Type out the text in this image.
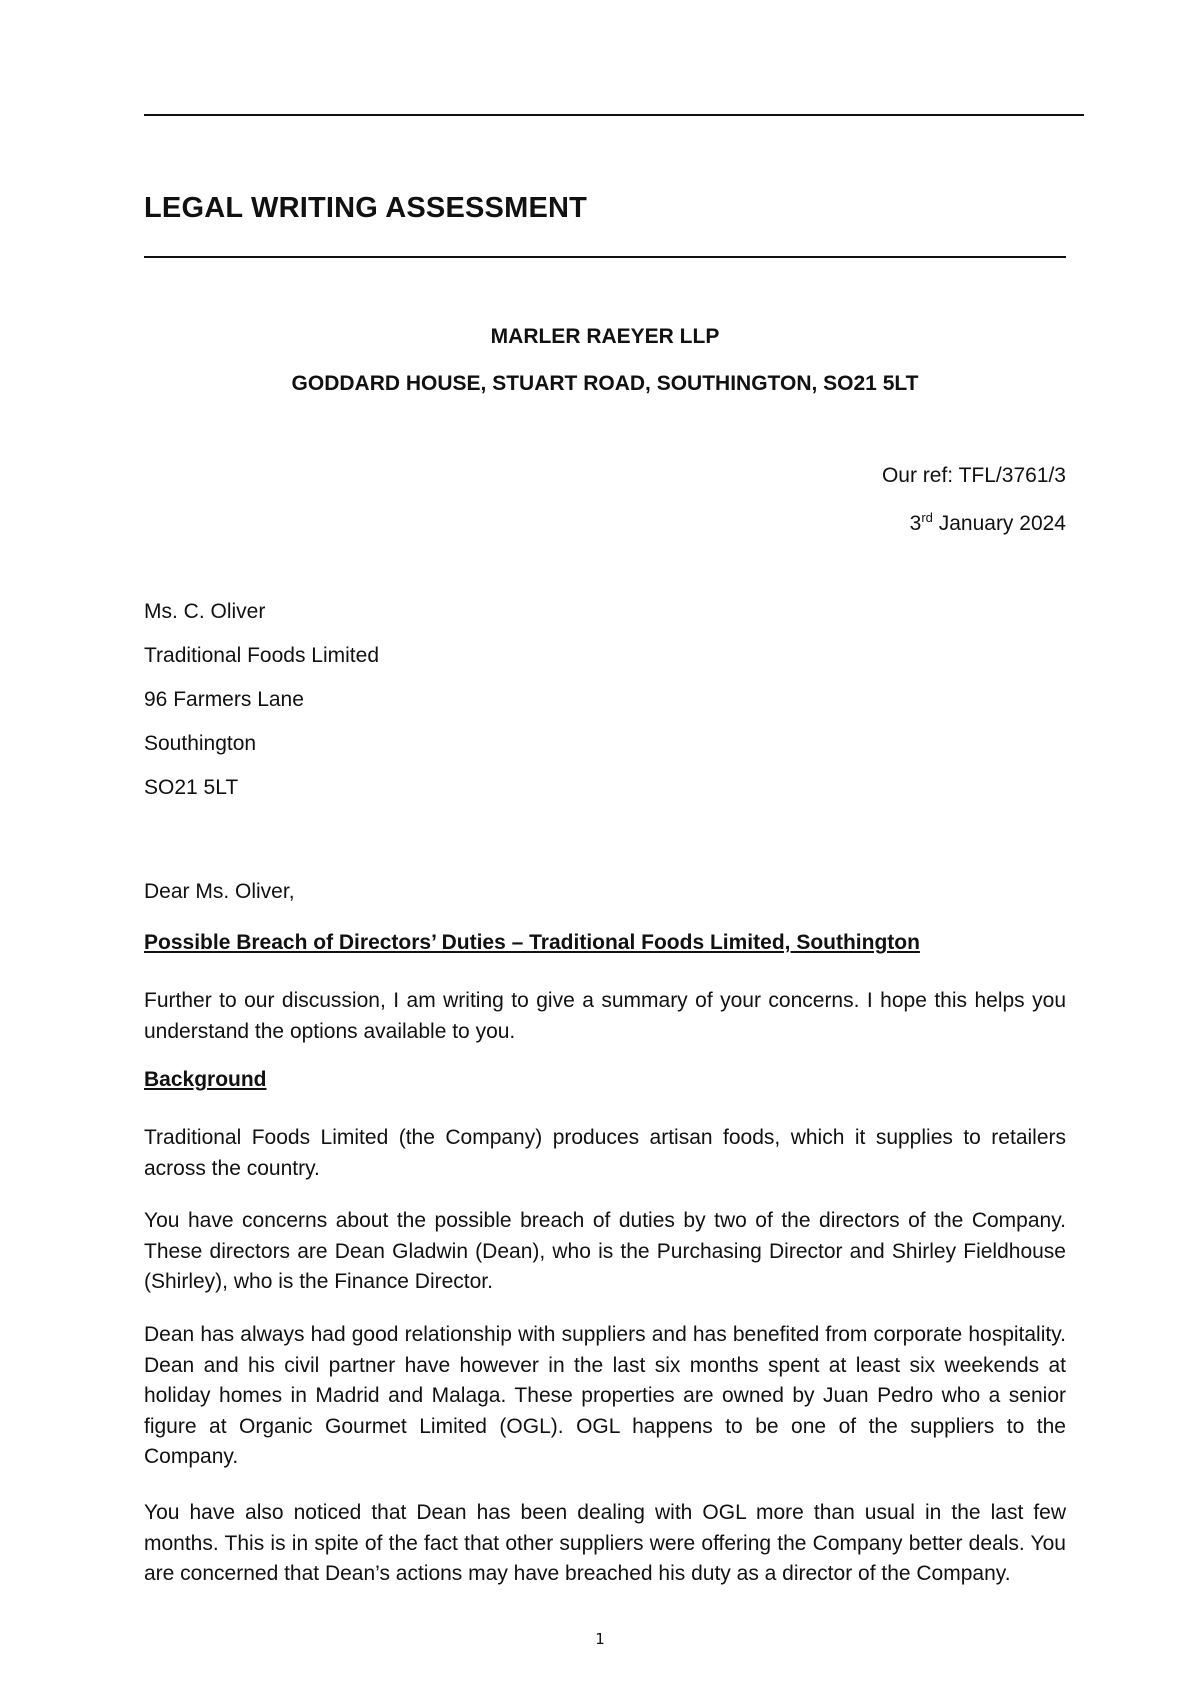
LEGAL WRITING ASSESSMENT

MARLER RAEYER LLP

GODDARD HOUSE, STUART ROAD, SOUTHINGTON, SO21 5LT

Our ref: TFL/3761/3

3rd January 2024

Ms. C. Oliver
Traditional Foods Limited
96 Farmers Lane
Southington
SO21 5LT

Dear Ms. Oliver,

Possible Breach of Directors’ Duties – Traditional Foods Limited, Southington

Further to our discussion, I am writing to give a summary of your concerns. I hope this helps you understand the options available to you.

Background

Traditional Foods Limited (the Company) produces artisan foods, which it supplies to retailers across the country.

You have concerns about the possible breach of duties by two of the directors of the Company. These directors are Dean Gladwin (Dean), who is the Purchasing Director and Shirley Fieldhouse (Shirley), who is the Finance Director.

Dean has always had good relationship with suppliers and has benefited from corporate hospitality. Dean and his civil partner have however in the last six months spent at least six weekends at holiday homes in Madrid and Malaga. These properties are owned by Juan Pedro who a senior figure at Organic Gourmet Limited (OGL). OGL happens to be one of the suppliers to the Company.

You have also noticed that Dean has been dealing with OGL more than usual in the last few months. This is in spite of the fact that other suppliers were offering the Company better deals. You are concerned that Dean’s actions may have breached his duty as a director of the Company.

1
